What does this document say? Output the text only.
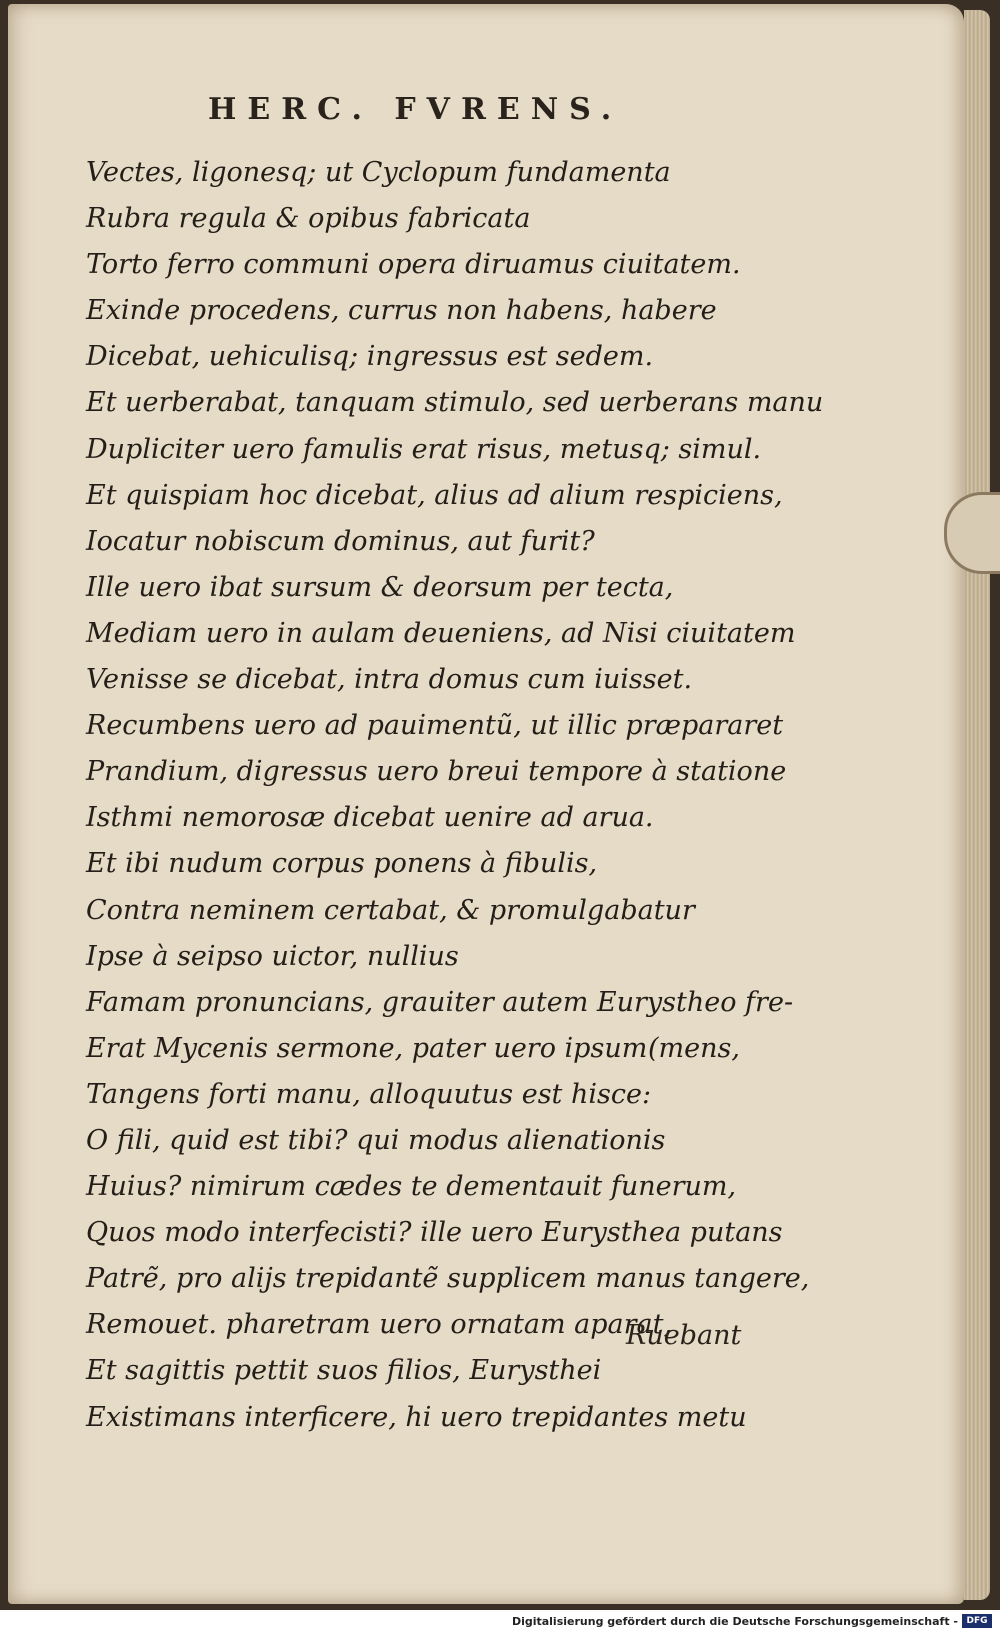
HERC. FVRENS.
Vectes, ligonesq; ut Cyclopum fundamenta
Rubra regula & opibus fabricata
Torto ferro communi opera diruamus ciuitatem.
Exinde procedens, currus non habens, habere
Dicebat, uehiculisq; ingressus est sedem.
Et uerberabat, tanquam stimulo, sed uerberans manu
Dupliciter uero famulis erat risus, metusq; simul.
Et quispiam hoc dicebat, alius ad alium respiciens,
Iocatur nobiscum dominus, aut furit?
Ille uero ibat sursum & deorsum per tecta,
Mediam uero in aulam deueniens, ad Nisi ciuitatem
Venisse se dicebat, intra domus cum iuisset.
Recumbens uero ad pauimentũ, ut illic præpararet
Prandium, digressus uero breui tempore à statione
Isthmi nemorosæ dicebat uenire ad arua.
Et ibi nudum corpus ponens à fibulis,
Contra neminem certabat, & promulgabatur
Ipse à seipso uictor, nullius
Famam pronuncians, grauiter autem Eurystheo fre-
Erat Mycenis sermone, pater uero ipsum (mens,
Tangens forti manu, alloquutus est hisce:
O fili, quid est tibi? qui modus alienationis
Huius? nimirum cædes te dementauit funerum,
Quos modo interfecisti? ille uero Eurysthea putans
Patrẽ, pro alijs trepidantẽ supplicem manus tangere,
Remouet. pharetram uero ornatam aparat,
Et sagittis pettit suos filios, Eurysthei
Existimans interficere, hi uero trepidantes metu
Ruebant
Digitalisierung gefördert durch die Deutsche Forschungsgemeinschaft - DFG
